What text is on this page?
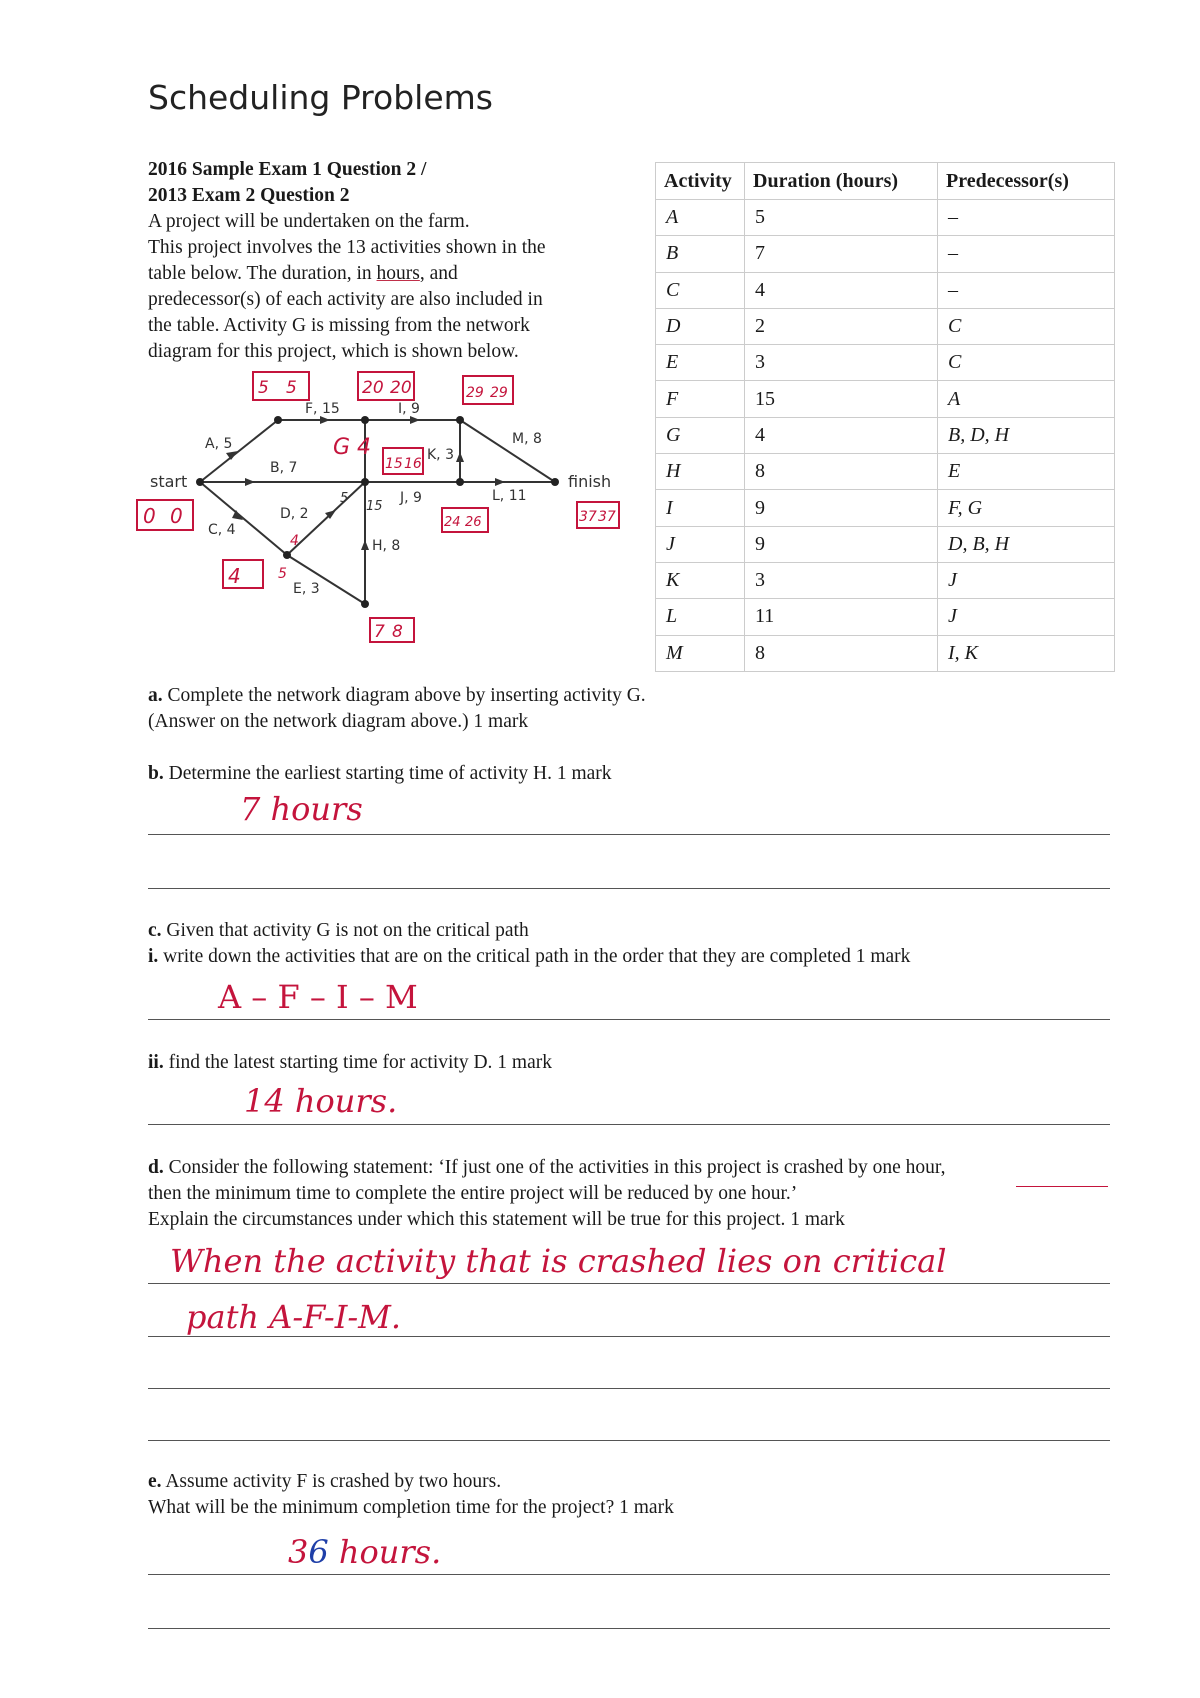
Scheduling Problems
2016 Sample Exam 1 Question 2 /
2013 Exam 2 Question 2
A project will be undertaken on the farm.
This project involves the 13 activities shown in the
table below. The duration, in hours, and
predecessor(s) of each activity are also included in
the table. Activity G is missing from the network
diagram for this project, which is shown below.
Activity	Duration (hours)	Predecessor(s)
A	5	–
B	7	–
C	4	–
D	2	C
E	3	C
F	15	A
G	4	B, D, H
H	8	E
I	9	F, G
J	9	D, B, H
K	3	J
L	11	J
M	8	I, K
start	finish
A, 5
B, 7
C, 4
D, 2
E, 3
F, 15	I, 9
M, 8
K, 3
J, 9	L, 11
H, 8
5 5	20 20	29 29
0 0
4
7 8
15 16
24 26	37 37
G 4
5
15
4
5
a. Complete the network diagram above by inserting activity G.
(Answer on the network diagram above.) 1 mark
b. Determine the earliest starting time of activity H. 1 mark
7 hours
c. Given that activity G is not on the critical path
i. write down the activities that are on the critical path in the order that they are completed 1 mark
A – F – I – M
ii. find the latest starting time for activity D. 1 mark
14 hours.
d. Consider the following statement: ‘If just one of the activities in this project is crashed by one hour,
then the minimum time to complete the entire project will be reduced by one hour.’
Explain the circumstances under which this statement will be true for this project. 1 mark
When the activity that is crashed lies on critical
path A-F-I-M.
e. Assume activity F is crashed by two hours.
What will be the minimum completion time for the project? 1 mark
36 hours.
